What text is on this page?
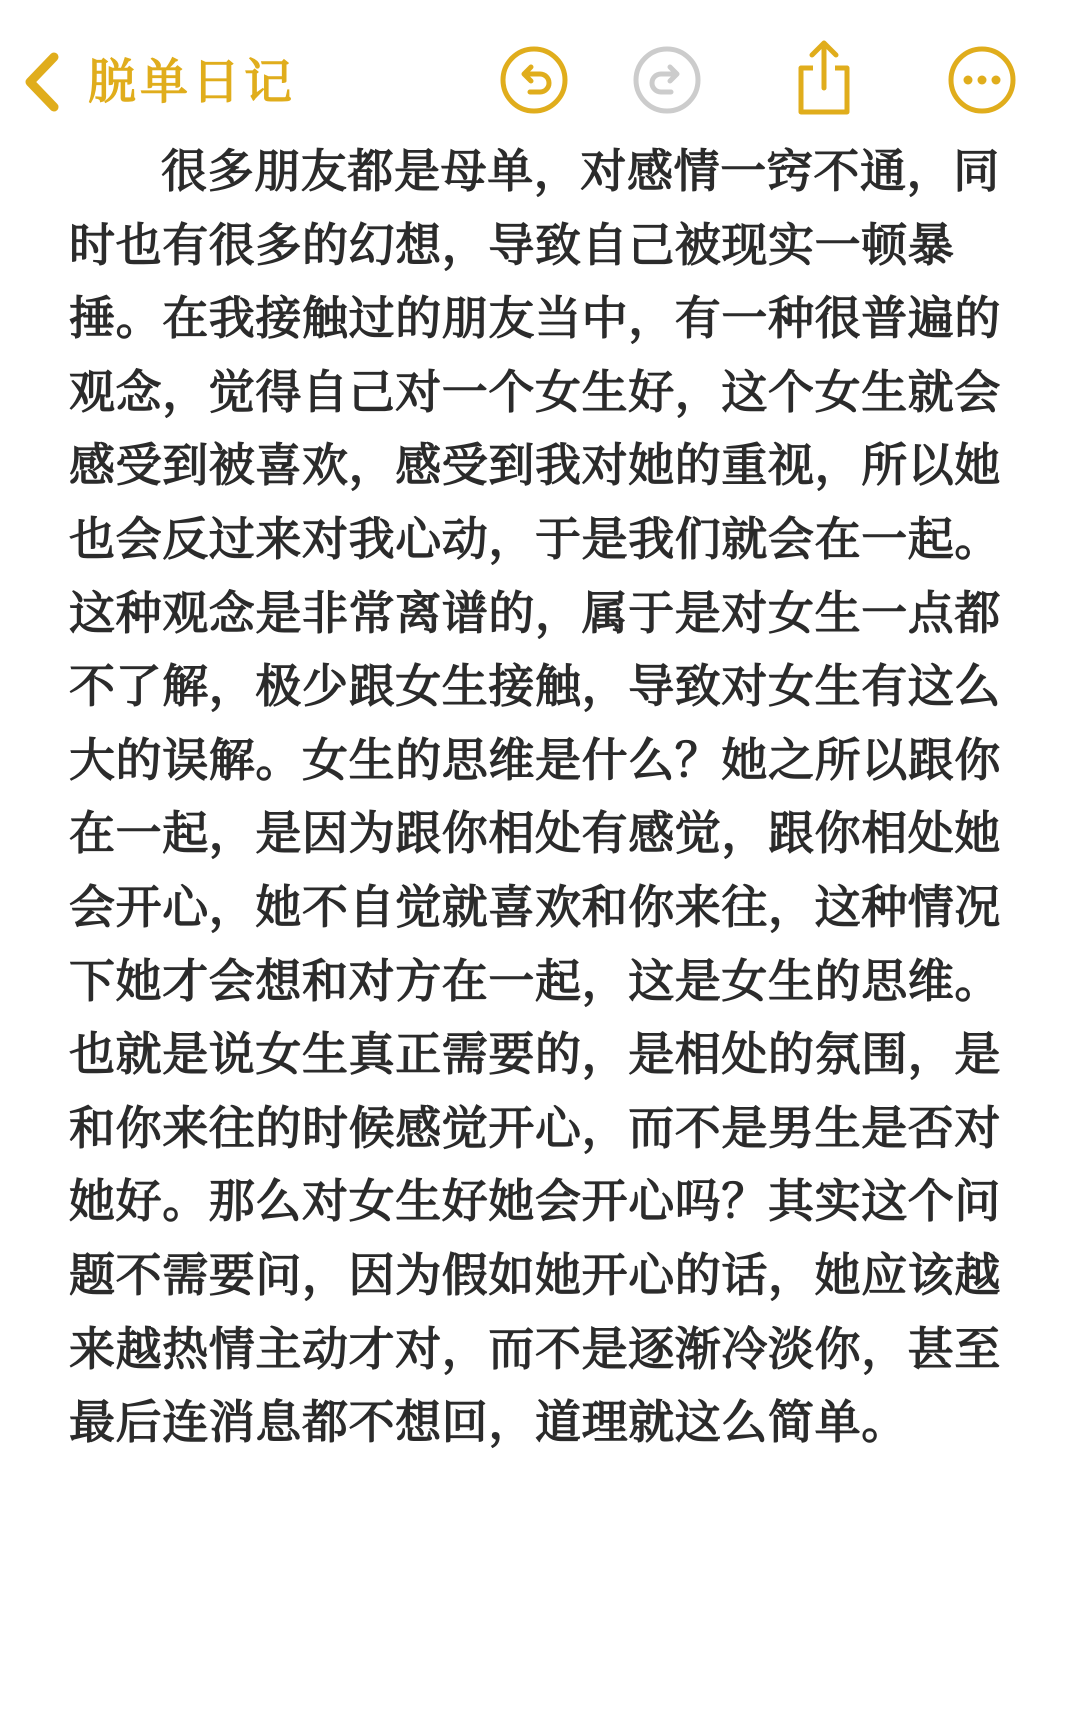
脱单日记

很多朋友都是母单，对感情一窍不通，同时也有很多的幻想，导致自己被现实一顿暴捶。在我接触过的朋友当中，有一种很普遍的观念，觉得自己对一个女生好，这个女生就会感受到被喜欢，感受到我对她的重视，所以她也会反过来对我心动，于是我们就会在一起。这种观念是非常离谱的，属于是对女生一点都不了解，极少跟女生接触，导致对女生有这么大的误解。女生的思维是什么？她之所以跟你在一起，是因为跟你相处有感觉，跟你相处她会开心，她不自觉就喜欢和你来往，这种情况下她才会想和对方在一起，这是女生的思维。也就是说女生真正需要的，是相处的氛围，是和你来往的时候感觉开心，而不是男生是否对她好。那么对女生好她会开心吗？其实这个问题不需要问，因为假如她开心的话，她应该越来越热情主动才对，而不是逐渐冷淡你，甚至最后连消息都不想回，道理就这么简单。
